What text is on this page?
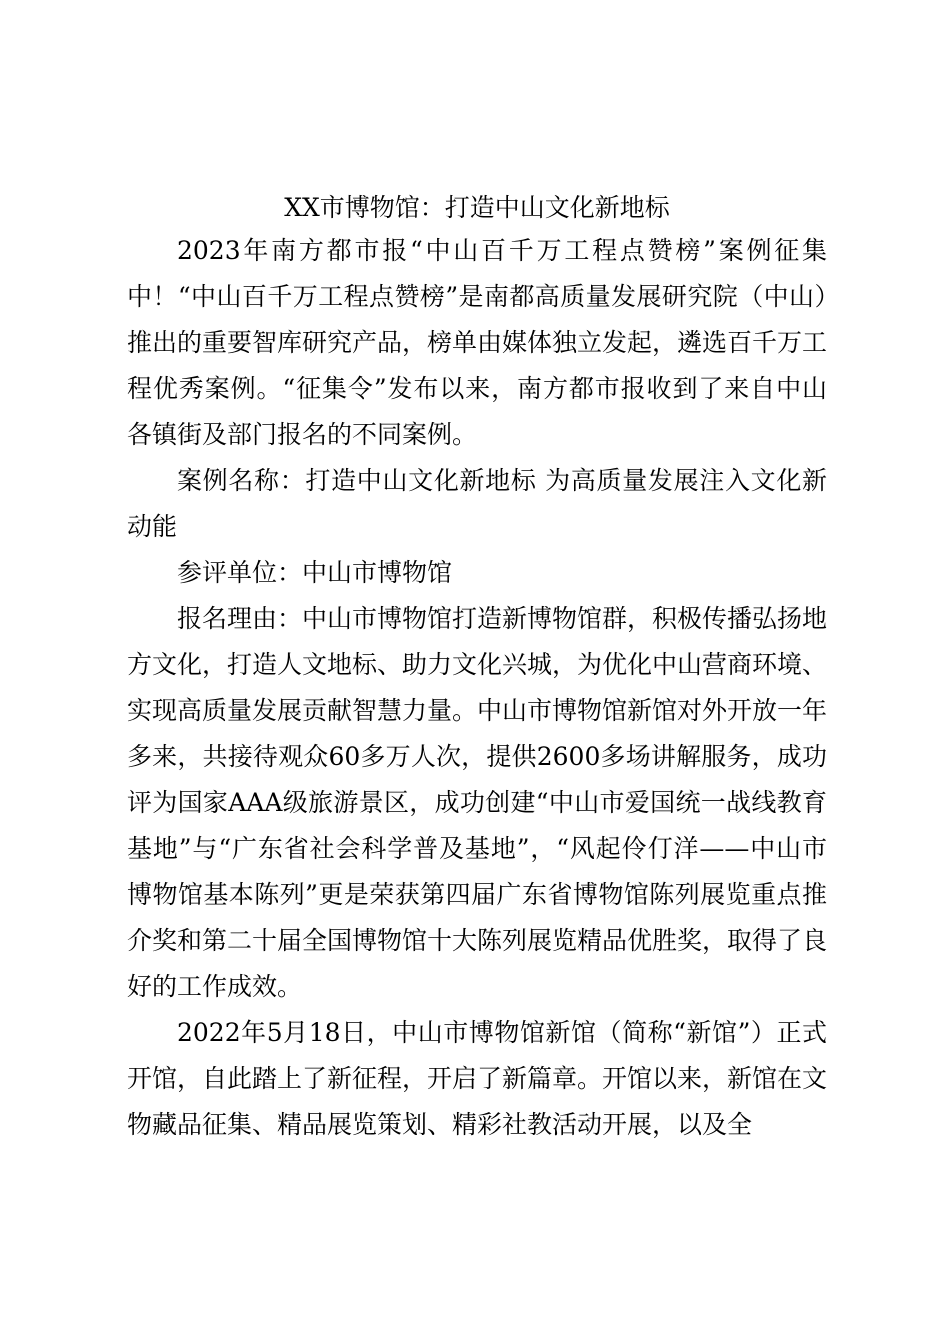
XX市博物馆：打造中山文化新地标

2023年南方都市报“中山百千万工程点赞榜”案例征集中！“中山百千万工程点赞榜”是南都高质量发展研究院（中山）推出的重要智库研究产品，榜单由媒体独立发起，遴选百千万工程优秀案例。“征集令”发布以来，南方都市报收到了来自中山各镇街及部门报名的不同案例。

案例名称：打造中山文化新地标 为高质量发展注入文化新动能

参评单位：中山市博物馆

报名理由：中山市博物馆打造新博物馆群，积极传播弘扬地方文化，打造人文地标、助力文化兴城，为优化中山营商环境、实现高质量发展贡献智慧力量。中山市博物馆新馆对外开放一年多来，共接待观众60多万人次，提供2600多场讲解服务，成功评为国家AAA级旅游景区，成功创建“中山市爱国统一战线教育基地”与“广东省社会科学普及基地”，“风起伶仃洋——中山市博物馆基本陈列”更是荣获第四届广东省博物馆陈列展览重点推介奖和第二十届全国博物馆十大陈列展览精品优胜奖，取得了良好的工作成效。

2022年5月18日，中山市博物馆新馆（简称“新馆”）正式开馆，自此踏上了新征程，开启了新篇章。开馆以来，新馆在文物藏品征集、精品展览策划、精彩社教活动开展，以及全
